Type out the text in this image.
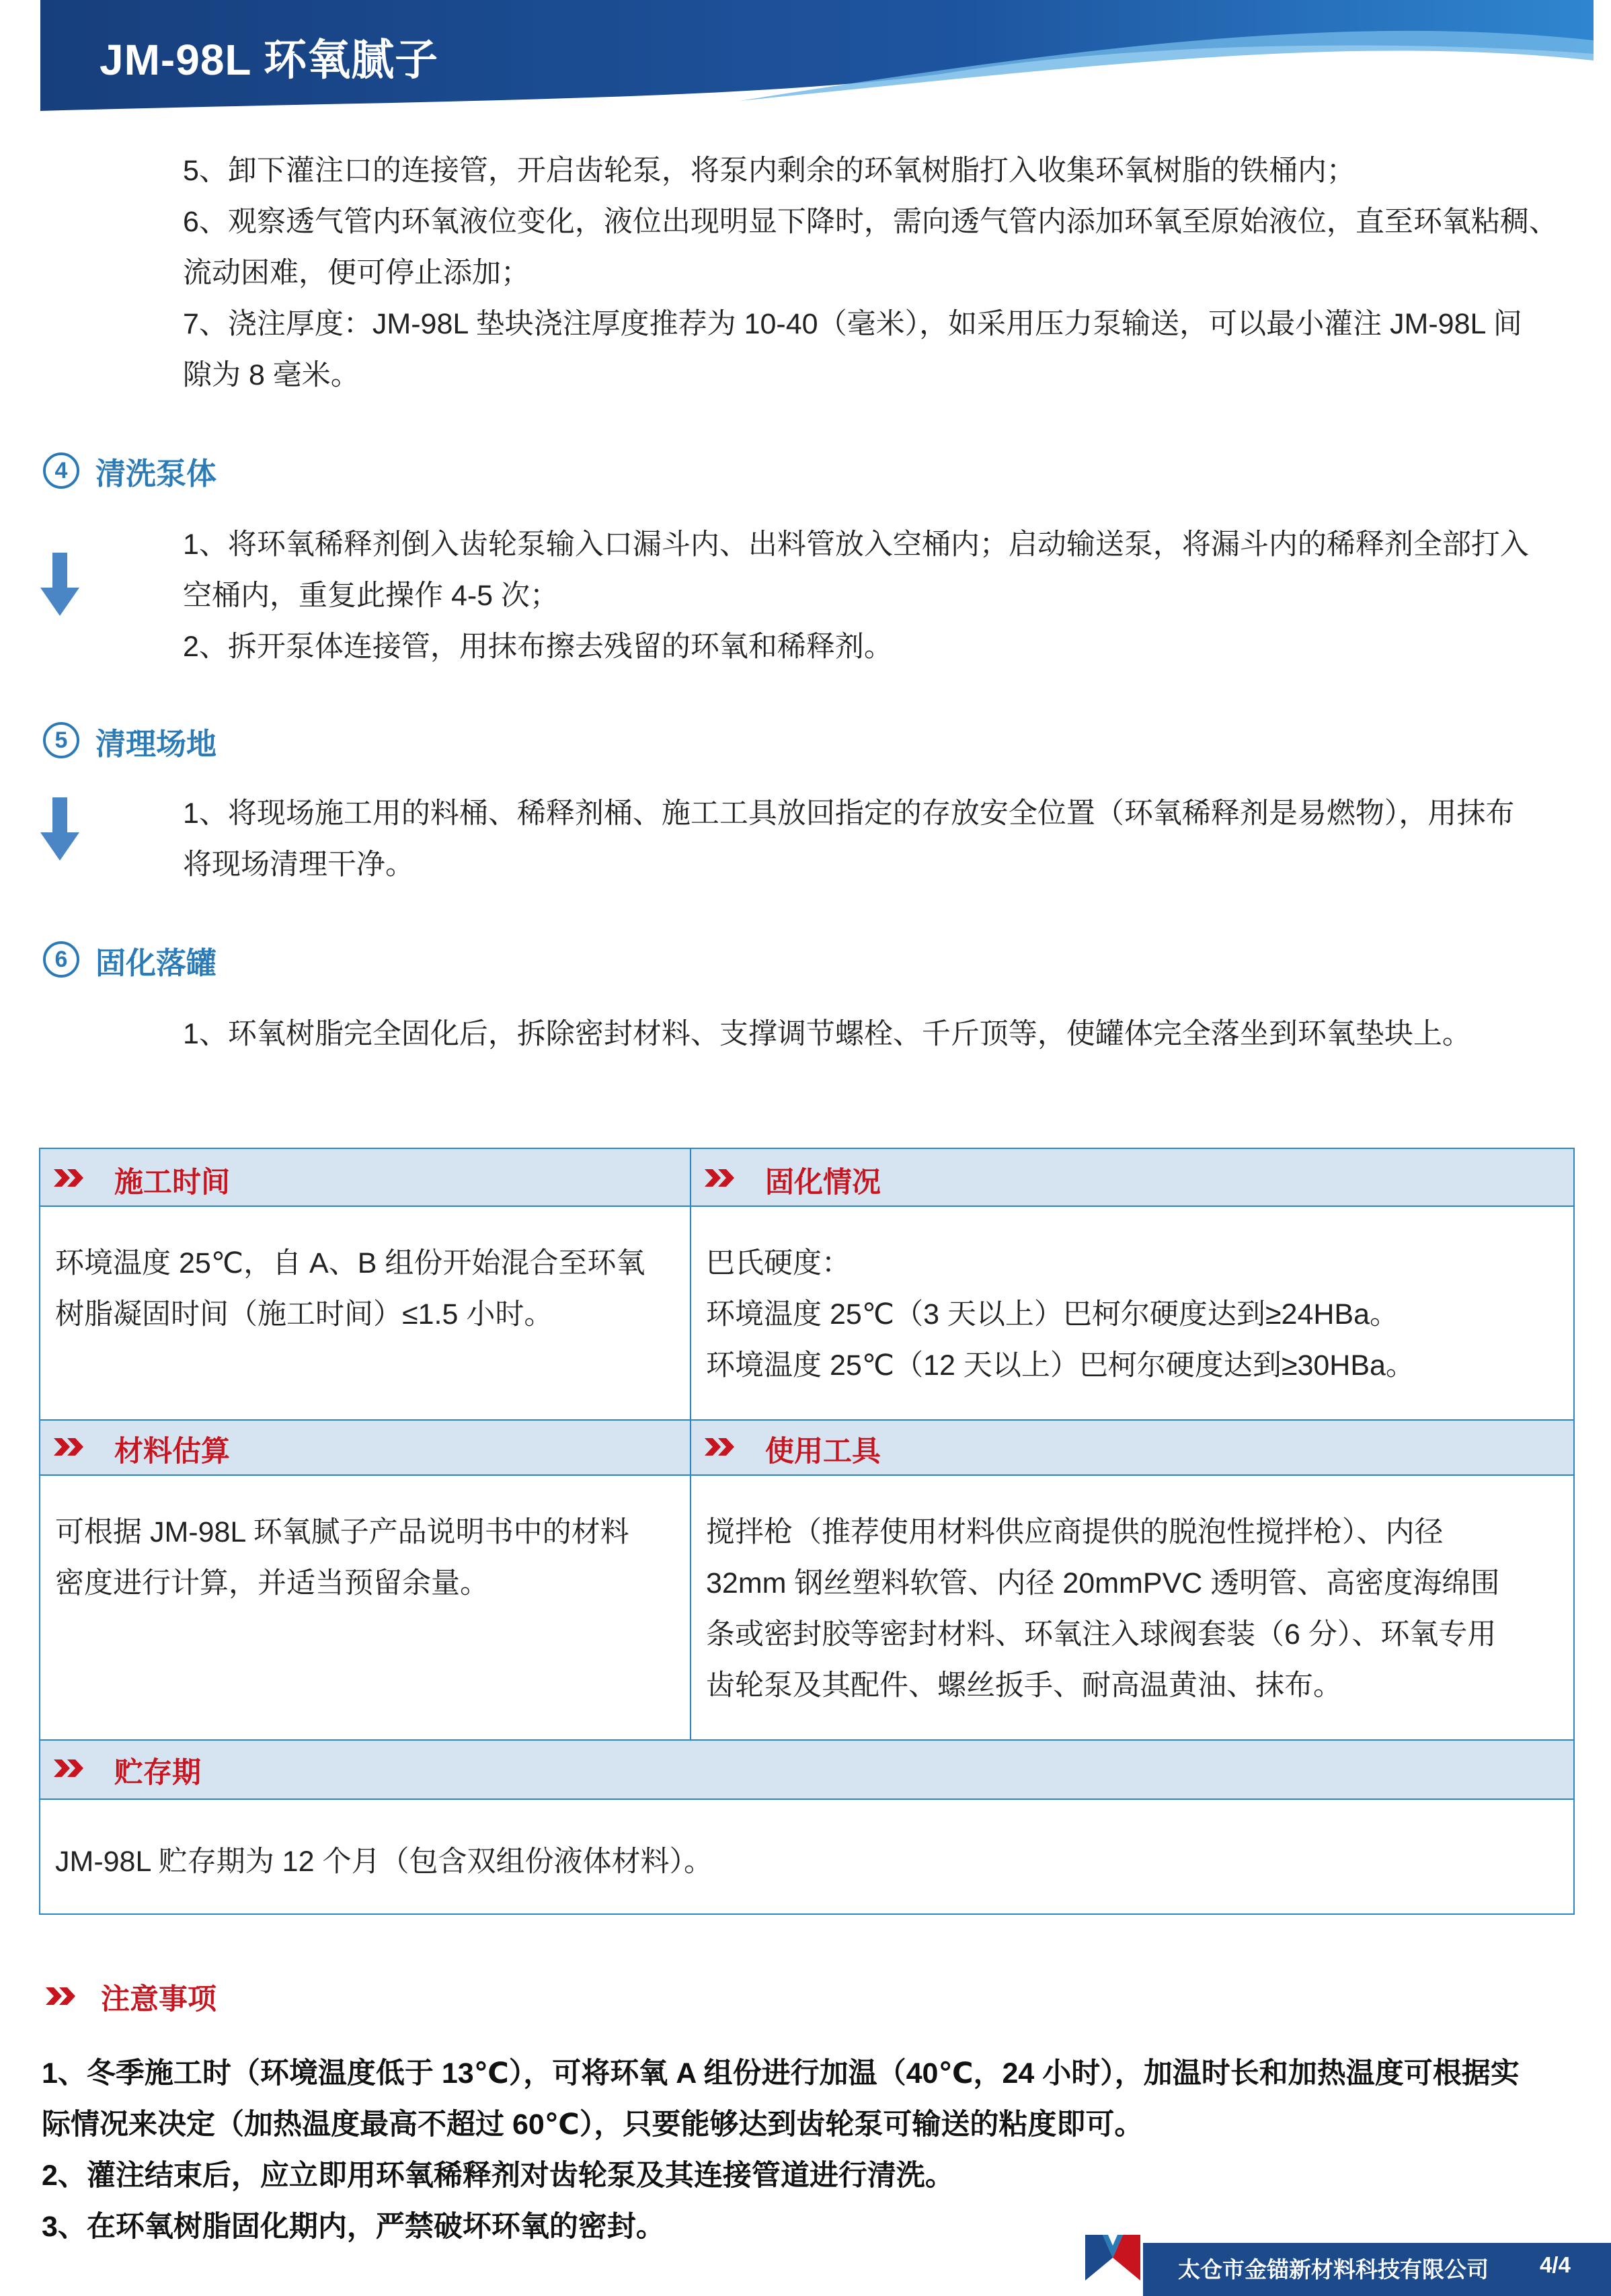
JM-98L 环氧腻子
5、卸下灌注口的连接管，开启齿轮泵，将泵内剩余的环氧树脂打入收集环氧树脂的铁桶内；
6、观察透气管内环氧液位变化，液位出现明显下降时，需向透气管内添加环氧至原始液位，直至环氧粘稠、
流动困难，便可停止添加；
7、浇注厚度：JM-98L 垫块浇注厚度推荐为 10-40（毫米），如采用压力泵输送，可以最小灌注 JM-98L 间
隙为 8 毫米。
4 清洗泵体
1、将环氧稀释剂倒入齿轮泵输入口漏斗内、出料管放入空桶内；启动输送泵，将漏斗内的稀释剂全部打入
空桶内，重复此操作 4-5 次；
2、拆开泵体连接管，用抹布擦去残留的环氧和稀释剂。
5 清理场地
1、将现场施工用的料桶、稀释剂桶、施工工具放回指定的存放安全位置（环氧稀释剂是易燃物），用抹布
将现场清理干净。
6 固化落罐
1、环氧树脂完全固化后，拆除密封材料、支撑调节螺栓、千斤顶等，使罐体完全落坐到环氧垫块上。
施工时间	固化情况
材料估算	使用工具
贮存期
环境温度 25℃，自 A、B 组份开始混合至环氧
树脂凝固时间（施工时间）≤1.5 小时。
巴氏硬度：
环境温度 25℃（3 天以上）巴柯尔硬度达到≥24HBa。
环境温度 25℃（12 天以上）巴柯尔硬度达到≥30HBa。
可根据 JM-98L 环氧腻子产品说明书中的材料
密度进行计算，并适当预留余量。
搅拌枪（推荐使用材料供应商提供的脱泡性搅拌枪）、内径
32mm 钢丝塑料软管、内径 20mmPVC 透明管、高密度海绵围
条或密封胶等密封材料、环氧注入球阀套装（6 分）、环氧专用
齿轮泵及其配件、螺丝扳手、耐高温黄油、抹布。
JM-98L 贮存期为 12 个月（包含双组份液体材料）。
注意事项
1、冬季施工时（环境温度低于 13℃），可将环氧 A 组份进行加温（40℃，24 小时），加温时长和加热温度可根据实
际情况来决定（加热温度最高不超过 60℃），只要能够达到齿轮泵可输送的粘度即可。
2、灌注结束后，应立即用环氧稀释剂对齿轮泵及其连接管道进行清洗。
3、在环氧树脂固化期内，严禁破坏环氧的密封。
太仓市金锚新材料科技有限公司 4/4
